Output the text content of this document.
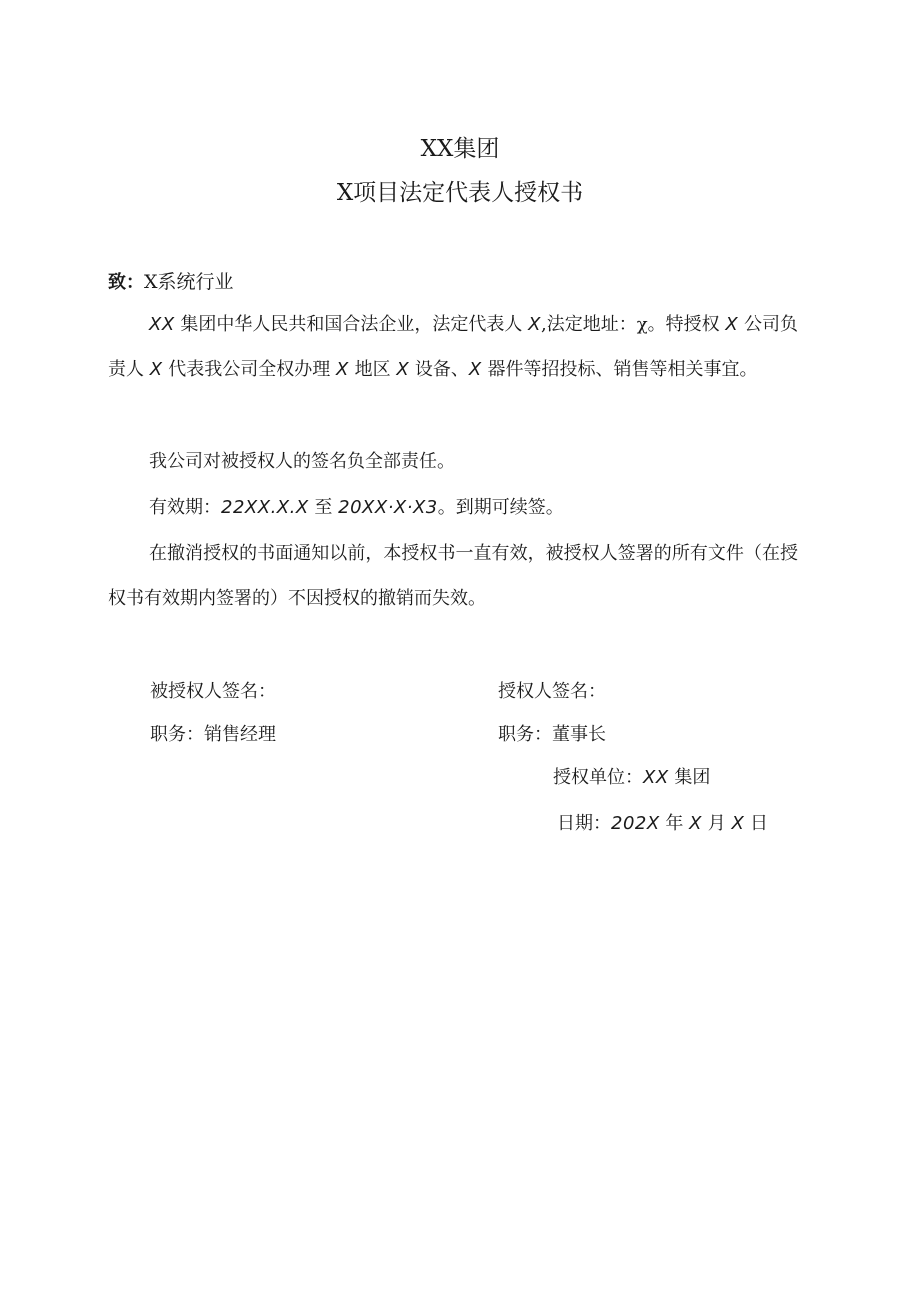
XX集团
X项目法定代表人授权书
致：X系统行业

XX 集团中华人民共和国合法企业，法定代表人 X,法定地址：χ。特授权 X 公司负责人 X 代表我公司全权办理 X 地区 X 设备、X 器件等招投标、销售等相关事宜。

我公司对被授权人的签名负全部责任。

有效期：22XX.X.X 至 20XX·X·X3。到期可续签。

在撤消授权的书面通知以前，本授权书一直有效，被授权人签署的所有文件（在授权书有效期内签署的）不因授权的撤销而失效。

被授权人签名：
职务：销售经理
授权人签名：
职务：董事长
授权单位：XX 集团
日期：202X 年 X 月 X 日
